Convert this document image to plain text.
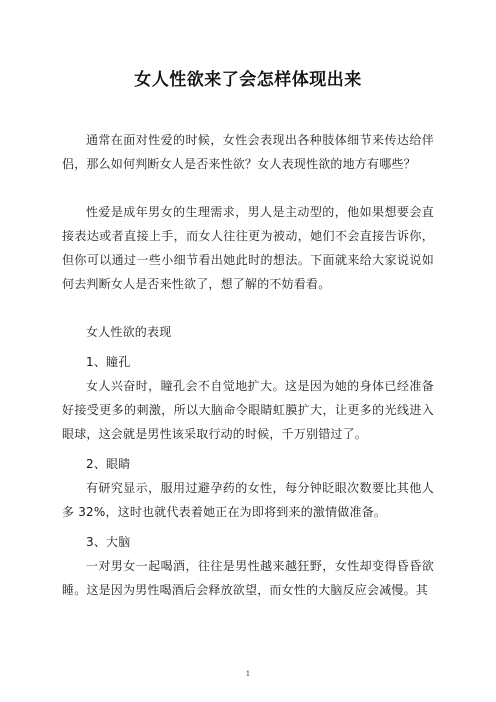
女人性欲来了会怎样体现出来

通常在面对性爱的时候，女性会表现出各种肢体细节来传达给伴侣，那么如何判断女人是否来性欲？女人表现性欲的地方有哪些？

性爱是成年男女的生理需求，男人是主动型的，他如果想要会直接表达或者直接上手，而女人往往更为被动，她们不会直接告诉你，但你可以通过一些小细节看出她此时的想法。下面就来给大家说说如何去判断女人是否来性欲了，想了解的不妨看看。

女人性欲的表现

1、瞳孔

女人兴奋时，瞳孔会不自觉地扩大。这是因为她的身体已经准备好接受更多的刺激，所以大脑命令眼睛虹膜扩大，让更多的光线进入眼球，这会就是男性该采取行动的时候，千万别错过了。

2、眼睛

有研究显示，服用过避孕药的女性，每分钟眨眼次数要比其他人多 32%，这时也就代表着她正在为即将到来的激情做准备。

3、大脑

一对男女一起喝酒，往往是男性越来越狂野，女性却变得昏昏欲睡。这是因为男性喝酒后会释放欲望，而女性的大脑反应会减慢。其

1
